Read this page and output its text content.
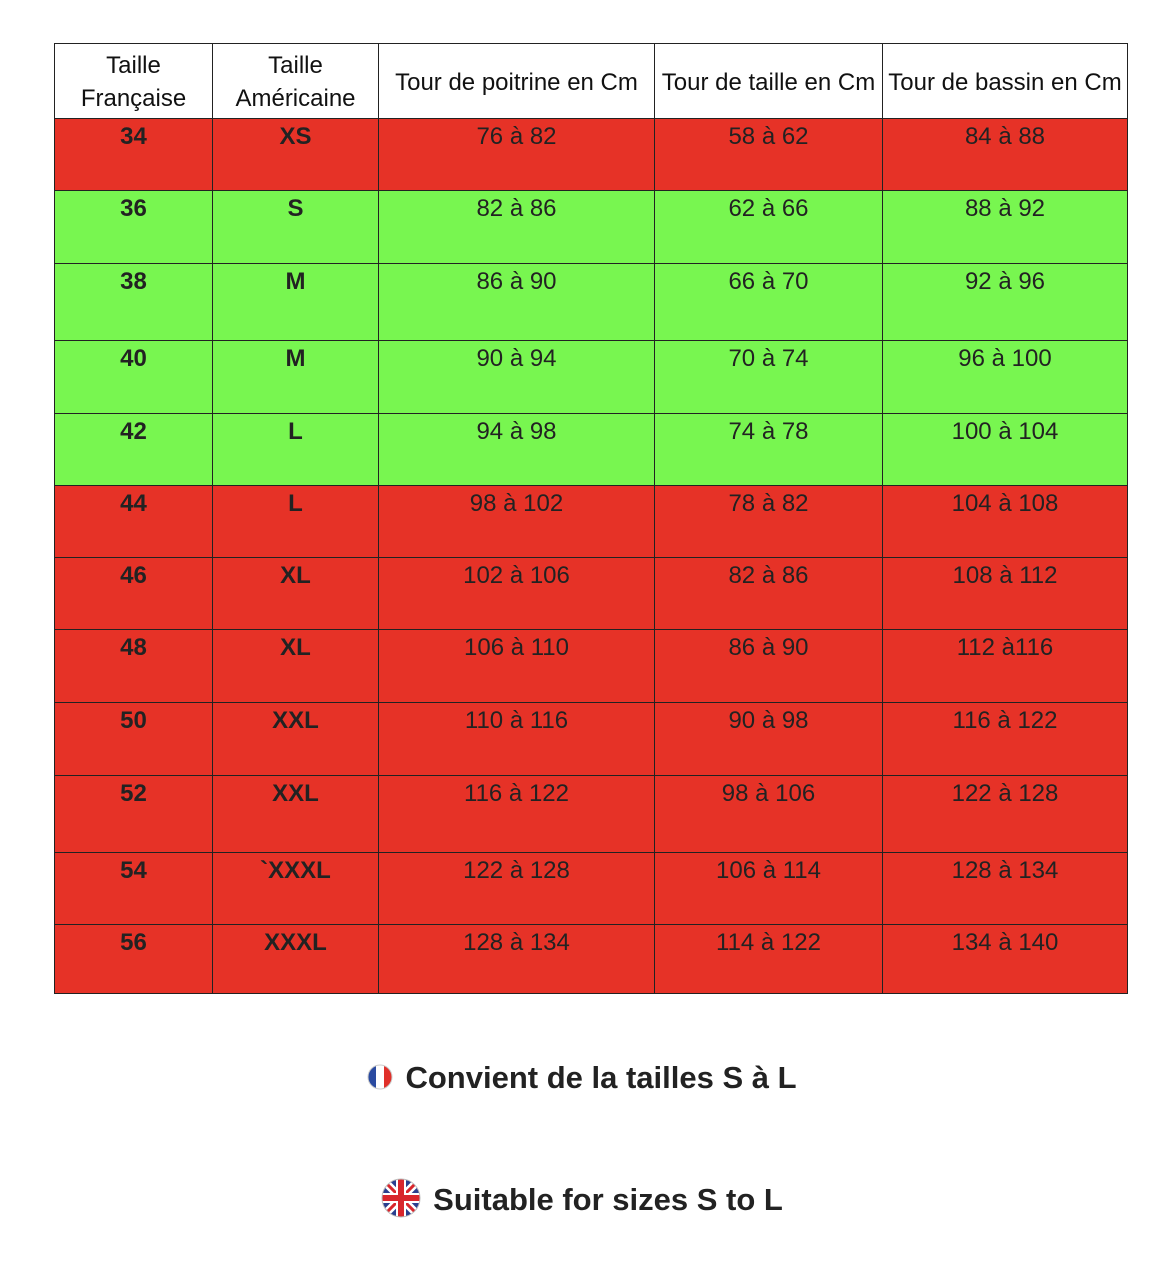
Taille Française	Taille Américaine	Tour de poitrine en Cm	Tour de taille en Cm	Tour de bassin en Cm
34	XS	76 à 82	58 à 62	84 à 88
36	S	82 à 86	62 à 66	88 à 92
38	M	86 à 90	66 à 70	92 à 96
40	M	90 à 94	70 à 74	96 à 100
42	L	94 à 98	74 à 78	100 à 104
44	L	98 à 102	78 à 82	104 à 108
46	XL	102 à 106	82 à 86	108 à 112
48	XL	106 à 110	86 à 90	112 à116
50	XXL	110 à 116	90 à 98	116 à 122
52	XXL	116 à 122	98 à 106	122 à 128
54	`XXXL	122 à 128	106 à 114	128 à 134
56	XXXL	128 à 134	114 à 122	134 à 140
Convient de la tailles S à L
Suitable for sizes S to L
